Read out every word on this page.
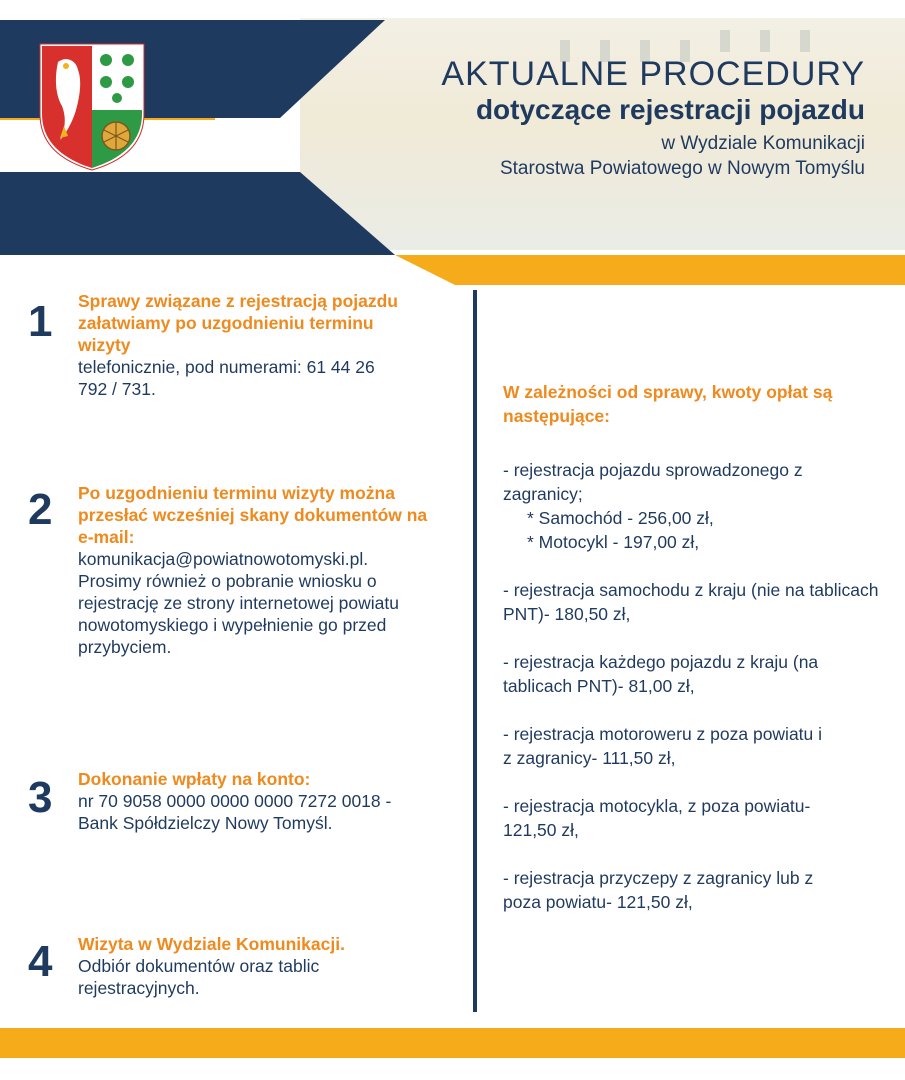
AKTUALNE PROCEDURY
dotyczące rejestracji pojazdu
w Wydziale Komunikacji
Starostwa Powiatowego w Nowym Tomyślu
1 Sprawy związane z rejestracją pojazdu załatwiamy po uzgodnieniu terminu wizyty
telefonicznie, pod numerami: 61 44 26 792 / 731.
2 Po uzgodnieniu terminu wizyty można przesłać wcześniej skany dokumentów na e-mail:
komunikacja@powiatnowotomyski.pl.
Prosimy również o pobranie wniosku o rejestrację ze strony internetowej powiatu nowotomyskiego i wypełnienie go przed przybyciem.
3 Dokonanie wpłaty na konto:
nr 70 9058 0000 0000 0000 7272 0018 - Bank Spółdzielczy Nowy Tomyśl.
4 Wizyta w Wydziale Komunikacji.
Odbiór dokumentów oraz tablic rejestracyjnych.
W zależności od sprawy, kwoty opłat są następujące:
- rejestracja pojazdu sprowadzonego z zagranicy;
* Samochód - 256,00 zł,
* Motocykl - 197,00 zł,
- rejestracja samochodu z kraju (nie na tablicach PNT)- 180,50 zł,
- rejestracja każdego pojazdu z kraju (na tablicach PNT)- 81,00 zł,
- rejestracja motoroweru z poza powiatu i z zagranicy- 111,50 zł,
- rejestracja motocykla, z poza powiatu- 121,50 zł,
- rejestracja przyczepy z zagranicy lub z poza powiatu- 121,50 zł,
